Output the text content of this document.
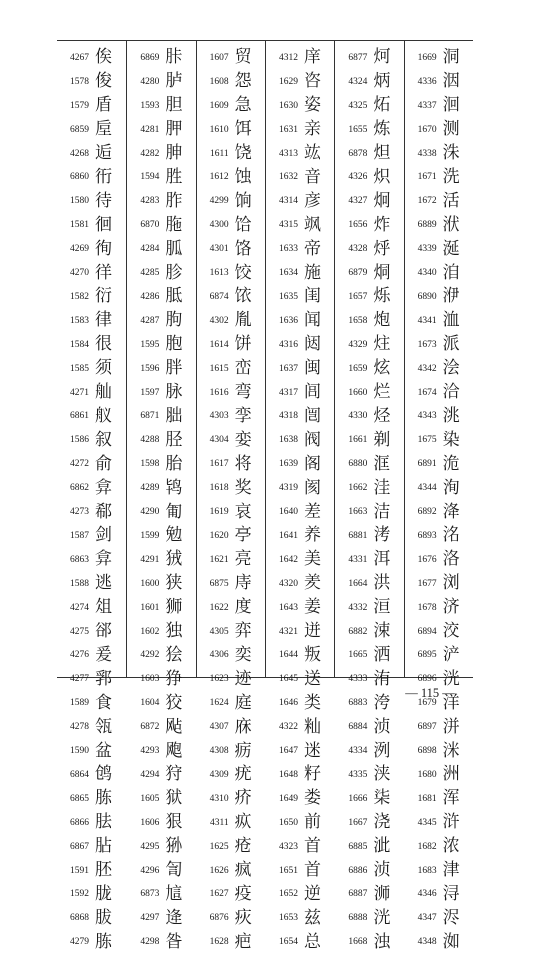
4267 俟
1578 俊
1579 盾
6859 垕
4268 逅
6860 衎
1580 待
1581 徊
4269 徇
4270 徉
1582 衍
1583 律
1584 很
1585 须
4271 舢
6861 舣
1586 叙
4272 俞
6862 弇
4273 郗
1587 剑
6863 弇
1588 逃
4274 俎
4275 郤
4276 爰
4277 郛
1589 食
4278 瓴
1590 盆
6864 鸧
6865 胨
6866 胠
6867 胋
1591 胚
1592 胧
6868 胈
4279 胨
6869 胩
4280 胪
1593 胆
4281 胛
4282 胂
1594 胜
4283 胙
6870 胣
4284 胍
4285 胗
4286 胝
4287 朐
1595 胞
1596 胖
1597 脉
6871 胐
4288 胫
1598 胎
4289 鸨
4290 匍
1599 勉
4291 狨
1600 狭
1601 狮
1602 独
4292 狯
1603 狰
1604 狡
6872 飐
4293 飑
4294 狩
1605 狱
1606 狠
4295 狲
4296 訇
6873 訄
4297 逄
4298 昝
1607 贸
1608 怨
1609 急
1610 饵
1611 饶
1612 蚀
4299 饷
4300 饸
4301 饹
1613 饺
6874 饻
4302 胤
1614 饼
1615 峦
1616 弯
4303 孪
4304 娈
1617 将
1618 奖
1619 哀
1620 亭
1621 亮
6875 庤
1622 度
4305 弈
4306 奕
1623 迹
1624 庭
4307 庥
4308 疬
4309 疣
4310 疥
4311 疭
1625 疮
1626 疯
1627 疫
6876 疢
1628 疤
4312 庠
1629 咨
1630 姿
1631 亲
4313 竑
1632 音
4314 彦
4315 飒
1633 帝
1634 施
1635 闺
1636 闻
4316 闼
1637 闽
4317 闾
4318 闿
1638 阀
1639 阁
4319 阂
1640 差
1641 养
1642 美
4320 羑
1643 姜
4321 迸
1644 叛
1645 送
1646 类
4322 籼
1647 迷
1648 籽
1649 娄
1650 前
4323 首
1651 首
1652 逆
1653 兹
1654 总
6877 炣
4324 炳
4325 炻
1655 炼
6878 炟
4326 炽
4327 炯
1656 炸
4328 烀
6879 烔
1657 烁
1658 炮
4329 炷
1659 炫
1660 烂
4330 烃
1661 剃
6880 洭
1662 洼
1663 洁
6881 洘
4331 洱
1664 洪
4332 洹
6882 涑
1665 洒
4333 洧
6883 洿
6884 浈
4334 洌
4335 浃
1666 柒
1667 浇
6885 泚
6886 浈
6887 浉
6888 洸
1668 浊
1669 洞
4336 洇
4337 洄
1670 测
4338 洙
1671 洗
1672 活
6889 洑
4339 涎
4340 洎
6890 洢
4341 洫
1673 派
4342 浍
1674 洽
4343 洮
1675 染
6891 洈
4344 洵
6892 洚
6893 洺
1676 洛
1677 浏
1678 济
6894 洨
6895 浐
6896 洸
1679 洋
6897 洴
6898 洣
1680 洲
1681 浑
4345 浒
1682 浓
1683 津
4346 浔
4347 浕
4348 洳
— 115 —
